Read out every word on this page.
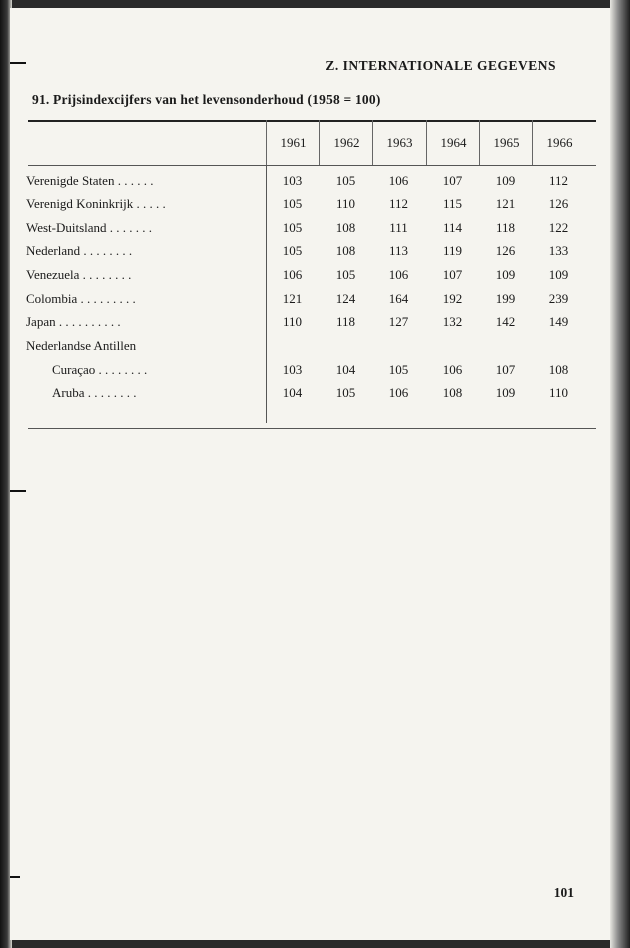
Z. INTERNATIONALE GEGEVENS
91. Prijsindexcijfers van het levensonderhoud (1958 = 100)
1961	1962	1963	1964	1965	1966
Verenigde Staten . . . . . .	103	105	106	107	109	112
Verenigd Koninkrijk . . . . .	105	110	112	115	121	126
West-Duitsland . . . . . . .	105	108	111	114	118	122
Nederland . . . . . . . .	105	108	113	119	126	133
Venezuela . . . . . . . .	106	105	106	107	109	109
Colombia . . . . . . . . .	121	124	164	192	199	239
Japan . . . . . . . . . .	110	118	127	132	142	149
Nederlandse Antillen
Curaçao . . . . . . . .	103	104	105	106	107	108
Aruba . . . . . . . .	104	105	106	108	109	110
101
